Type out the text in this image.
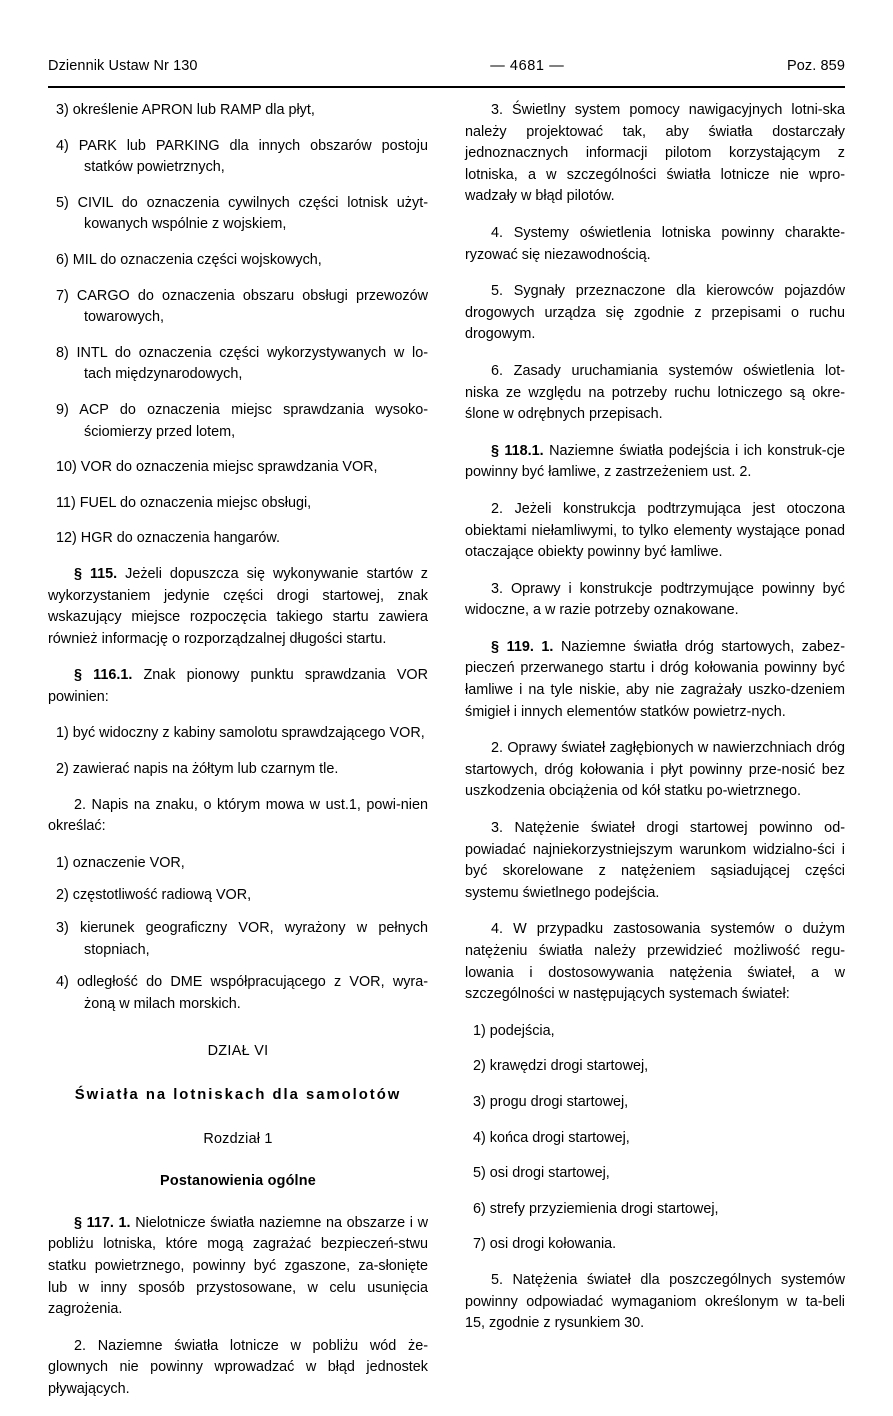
Dziennik Ustaw Nr 130	— 4681 —	Poz. 859
3) określenie APRON lub RAMP dla płyt,
4) PARK lub PARKING dla innych obszarów postoju statków powietrznych,
5) CIVIL do oznaczenia cywilnych części lotnisk użyt-​kowanych wspólnie z wojskiem,
6) MIL do oznaczenia części wojskowych,
7) CARGO do oznaczenia obszaru obsługi przewozów towarowych,
8) INTL do oznaczenia części wykorzystywanych w lo-​tach międzynarodowych,
9) ACP do oznaczenia miejsc sprawdzania wysoko-​ściomierzy przed lotem,
10) VOR do oznaczenia miejsc sprawdzania VOR,
11) FUEL do oznaczenia miejsc obsługi,
12) HGR do oznaczenia hangarów.

§ 115. Jeżeli dopuszcza się wykonywanie startów z wykorzystaniem jedynie części drogi startowej, znak wskazujący miejsce rozpoczęcia takiego startu zawiera również informację o rozporządzalnej długości startu.

§ 116.1. Znak pionowy punktu sprawdzania VOR powinien:

1) być widoczny z kabiny samolotu sprawdzającego VOR,
2) zawierać napis na żółtym lub czarnym tle.

2. Napis na znaku, o którym mowa w ust.1, powi-​nien określać:

1) oznaczenie VOR,
2) częstotliwość radiową VOR,
3) kierunek geograficzny VOR, wyrażony w pełnych stopniach,
4) odległość do DME współpracującego z VOR, wyra-​żoną w milach morskich.
DZIAŁ VI
Światła na lotniskach dla samolotów
Rozdział 1
Postanowienia ogólne

§ 117. 1. Nielotnicze światła naziemne na obszarze i w pobliżu lotniska, które mogą zagrażać bezpieczeń-​stwu statku powietrznego, powinny być zgaszone, za-​słonięte lub w inny sposób przystosowane, w celu usunięcia zagrożenia.

2. Naziemne światła lotnicze w pobliżu wód że-​glownych nie powinny wprowadzać w błąd jednostek pływających.

3. Świetlny system pomocy nawigacyjnych lotni-​ska należy projektować tak, aby światła dostarczały jednoznacznych informacji pilotom korzystającym z lotniska, a w szczególności światła lotnicze nie wpro-​wadzały w błąd pilotów.

4. Systemy oświetlenia lotniska powinny charakte-​ryzować się niezawodnością.

5. Sygnały przeznaczone dla kierowców pojazdów drogowych urządza się zgodnie z przepisami o ruchu drogowym.

6. Zasady uruchamiania systemów oświetlenia lot-​niska ze względu na potrzeby ruchu lotniczego są okre-​ślone w odrębnych przepisach.

§ 118.1. Naziemne światła podejścia i ich konstruk-​cje powinny być łamliwe, z zastrzeżeniem ust. 2.

2. Jeżeli konstrukcja podtrzymująca jest otoczona obiektami niełamliwymi, to tylko elementy wystające ponad otaczające obiekty powinny być łamliwe.

3. Oprawy i konstrukcje podtrzymujące powinny być widoczne, a w razie potrzeby oznakowane.

§ 119. 1. Naziemne światła dróg startowych, zabez-​pieczeń przerwanego startu i dróg kołowania powinny być łamliwe i na tyle niskie, aby nie zagrażały uszko-​dzeniem śmigieł i innych elementów statków powietrz-​nych.

2. Oprawy świateł zagłębionych w nawierzchniach dróg startowych, dróg kołowania i płyt powinny prze-​nosić bez uszkodzenia obciążenia od kół statku po-​wietrznego.

3. Natężenie świateł drogi startowej powinno od-​powiadać najniekorzystniejszym warunkom widzialno-​ści i być skorelowane z natężeniem sąsiadującej części systemu świetlnego podejścia.

4. W przypadku zastosowania systemów o dużym natężeniu światła należy przewidzieć możliwość regu-​lowania i dostosowywania natężenia świateł, a w szczególności w następujących systemach świateł:

1) podejścia,
2) krawędzi drogi startowej,
3) progu drogi startowej,
4) końca drogi startowej,
5) osi drogi startowej,
6) strefy przyziemienia drogi startowej,
7) osi drogi kołowania.

5. Natężenia świateł dla poszczególnych systemów powinny odpowiadać wymaganiom określonym w ta-​beli 15, zgodnie z rysunkiem 30.
